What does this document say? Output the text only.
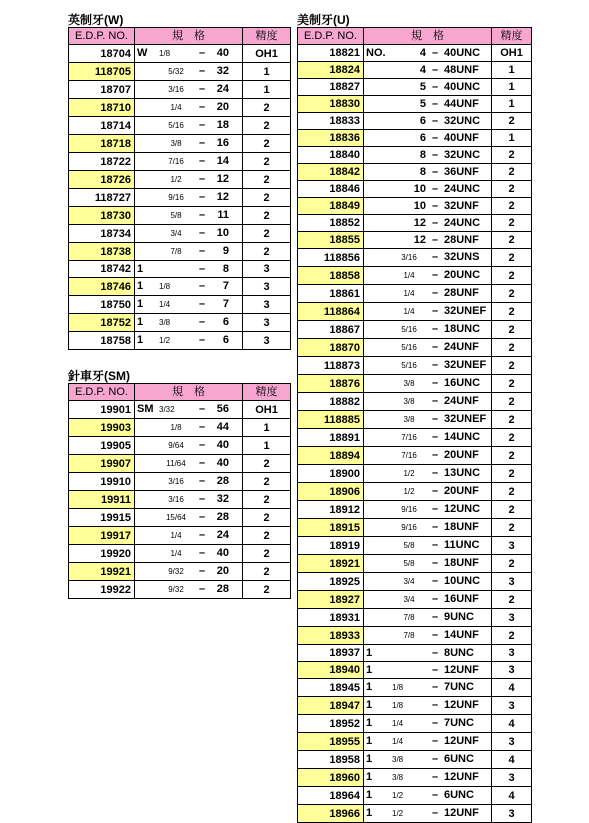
英制牙(W)
E.D.P. NO.	規　格	精度
18704	W 1/8 – 40	OH1
118705	5/32 – 32	1
18707	3/16 – 24	1
18710	1/4 – 20	2
18714	5/16 – 18	2
18718	3/8 – 16	2
18722	7/16 – 14	2
18726	1/2 – 12	2
118727	9/16 – 12	2
18730	5/8 – 11	2
18734	3/4 – 10	2
18738	7/8 – 9	2
18742	1 – 8	3
18746	1 1/8 – 7	3
18750	1 1/4 – 7	3
18752	1 3/8 – 6	3
18758	1 1/2 – 6	3
針車牙(SM)
E.D.P. NO.	規　格	精度
19901	SM 3/32 – 56	OH1
19903	1/8 – 44	1
19905	9/64 – 40	1
19907	11/64 – 40	2
19910	3/16 – 28	2
19911	3/16 – 32	2
19915	15/64 – 28	2
19917	1/4 – 24	2
19920	1/4 – 40	2
19921	9/32 – 20	2
19922	9/32 – 28	2
美制牙(U)
E.D.P. NO.	規　格	精度
18821	NO. 4 – 40UNC	OH1
18824	4 – 48UNF	1
18827	5 – 40UNC	1
18830	5 – 44UNF	1
18833	6 – 32UNC	2
18836	6 – 40UNF	1
18840	8 – 32UNC	2
18842	8 – 36UNF	2
18846	10 – 24UNC	2
18849	10 – 32UNF	2
18852	12 – 24UNC	2
18855	12 – 28UNF	2
118856	3/16 – 32UNS	2
18858	1/4 – 20UNC	2
18861	1/4 – 28UNF	2
118864	1/4 – 32UNEF	2
18867	5/16 – 18UNC	2
18870	5/16 – 24UNF	2
118873	5/16 – 32UNEF	2
18876	3/8 – 16UNC	2
18882	3/8 – 24UNF	2
118885	3/8 – 32UNEF	2
18891	7/16 – 14UNC	2
18894	7/16 – 20UNF	2
18900	1/2 – 13UNC	2
18906	1/2 – 20UNF	2
18912	9/16 – 12UNC	2
18915	9/16 – 18UNF	2
18919	5/8 – 11UNC	3
18921	5/8 – 18UNF	2
18925	3/4 – 10UNC	3
18927	3/4 – 16UNF	2
18931	7/8 – 9UNC	3
18933	7/8 – 14UNF	2
18937	1 – 8UNC	3
18940	1 – 12UNF	3
18945	1 1/8 – 7UNC	4
18947	1 1/8 – 12UNF	3
18952	1 1/4 – 7UNC	4
18955	1 1/4 – 12UNF	3
18958	1 3/8 – 6UNC	4
18960	1 3/8 – 12UNF	3
18964	1 1/2 – 6UNC	4
18966	1 1/2 – 12UNF	3
